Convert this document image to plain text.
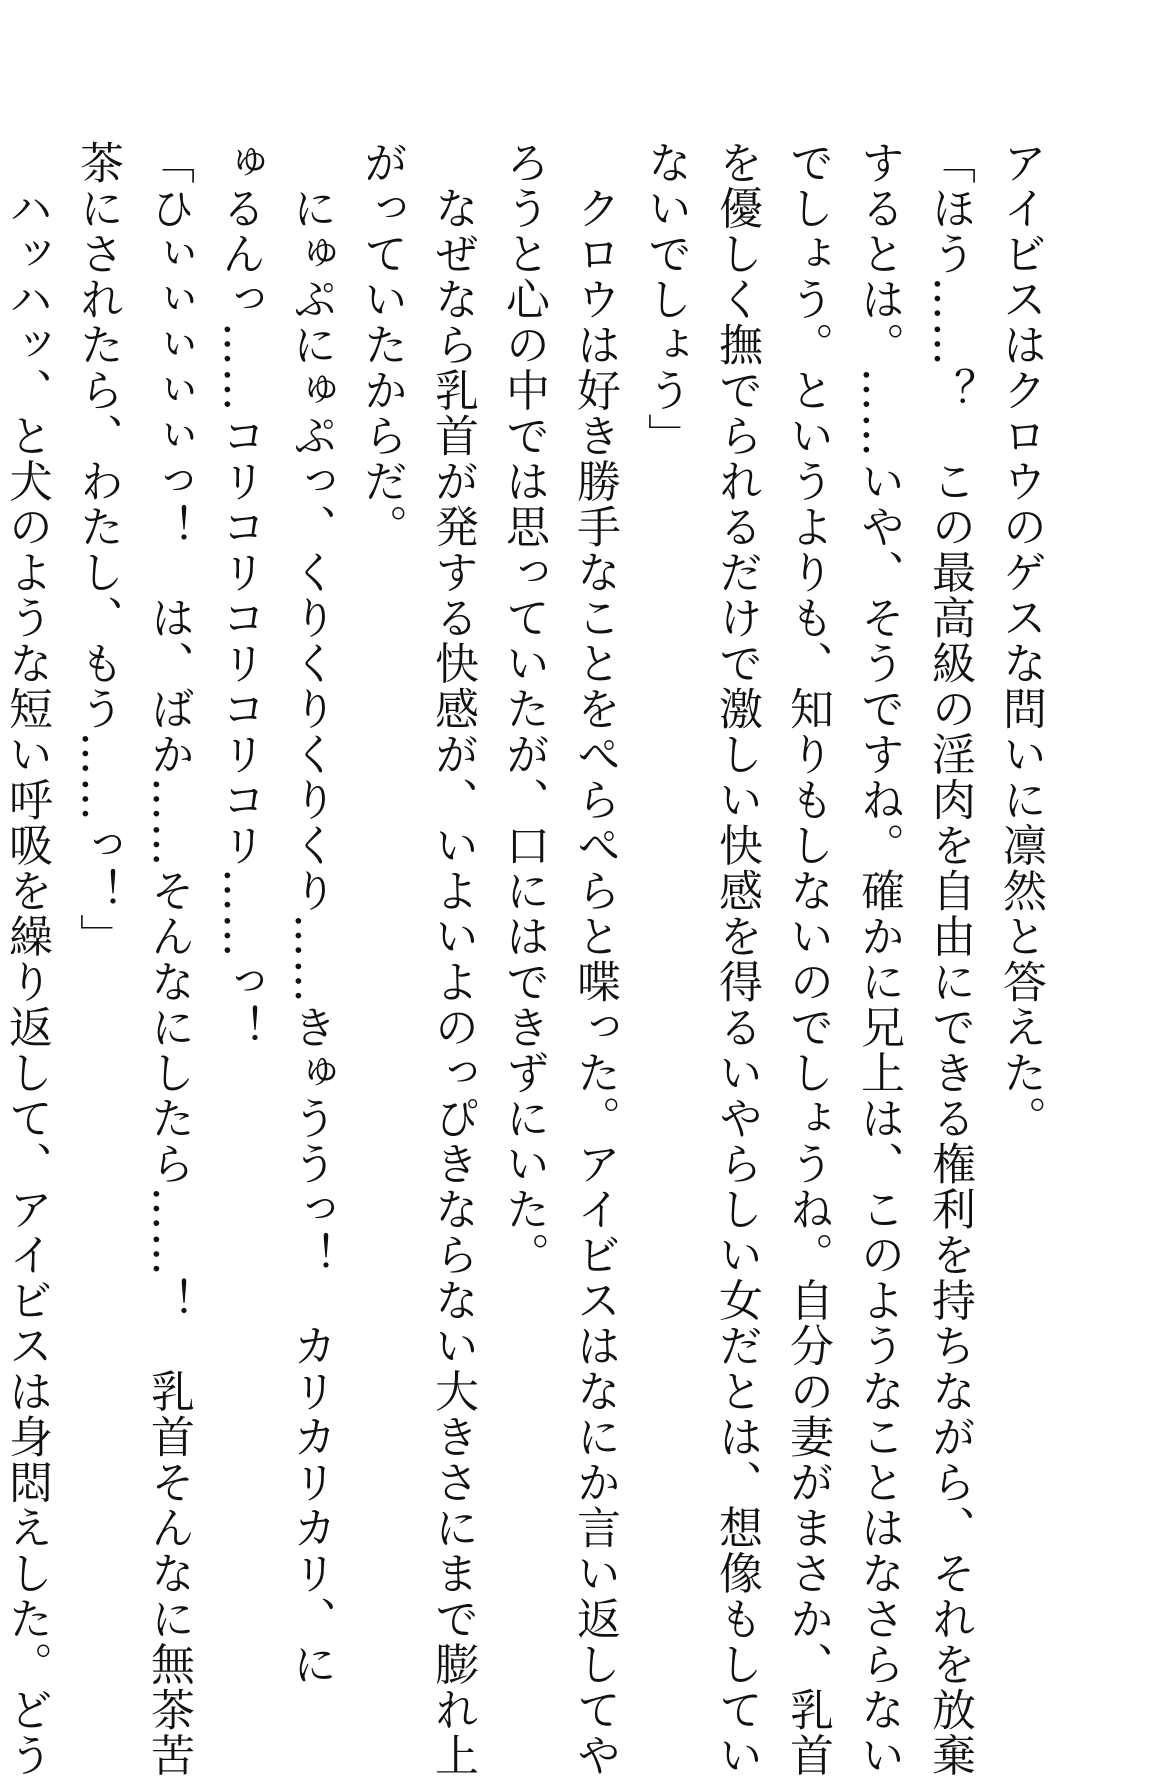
アイビスはクロウのゲスな問いに凛然と答えた。
「ほう……？　この最高級の淫肉を自由にできる権利を持ちながら、それを放棄
するとは。……いや、そうですね。確かに兄上は、このようなことはなさらない
でしょう。というよりも、知りもしないのでしょうね。自分の妻がまさか、乳首
を優しく撫でられるだけで激しい快感を得るいやらしい女だとは、想像もしてい
ないでしょう」
　クロウは好き勝手なことをぺらぺらと喋った。アイビスはなにか言い返してや
ろうと心の中では思っていたが、口にはできずにいた。
　なぜなら乳首が発する快感が、いよいよのっぴきならない大きさにまで膨れ上
がっていたからだ。
　にゅぷにゅぷっ、くりくりくりくり……きゅううっ！　カリカリカリ、に
ゅるんっ……コリコリコリコリコリ……っ！
「ひぃぃぃぃぃっ！　は、ばか……そんなにしたら……！　乳首そんなに無茶苦
茶にされたら、わたし、もう……っ！」
　ハッハッ、と犬のような短い呼吸を繰り返して、アイビスは身悶えした。どう
